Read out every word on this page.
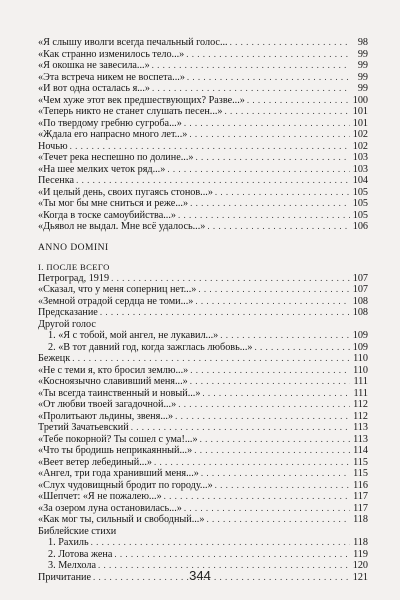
«Я слышу иволги всегда печальный голос... . . .	98
«Как странно изменилось тело...» . . .	99
«Я окошка не завесила...» . . .	99
«Эта встреча никем не воспета...» . . .	99
«И вот одна осталась я...» . . .	99
«Чем хуже этот век предшествующих? Разве...» . . .	100
«Теперь никто не станет слушать песен...» . . .	101
«По твердому гребню сугроба...» . . .	101
«Ждала его напрасно много лет...» . . .	102
Ночью . . .	102
«Течет река неспешно по долине...» . . .	103
«На шее мелких четок ряд...» . . .	103
Песенка . . .	104
«И целый день, своих пугаясь стонов...» . . .	105
«Ты мог бы мне сниться и реже...» . . .	105
«Когда в тоске самоубийства...» . . .	105
«Дьявол не выдал. Мне всё удалось...» . . .	106
ANNO DOMINI
I. ПОСЛЕ ВСЕГО
Петроград, 1919 . . .	107
«Сказал, что у меня соперниц нет...» . . .	107
«Земной отрадой сердца не томи...» . . .	108
Предсказание . . .	108
Другой голос
1. «Я с тобой, мой ангел, не лукавил...» . . .	109
2. «В тот давний год, когда зажглась любовь...» . . .	109
Бежецк . . .	110
«Не с теми я, кто бросил землю...» . . .	110
«Косноязычно славивший меня...» . . .	111
«Ты всегда таинственный и новый...» . . .	111
«От любви твоей загадочной...» . . .	112
«Пролитьают льдины, звеня...» . . .	112
Третий Зачатьевский . . .	113
«Тебе покорной? Ты сошел с ума!...» . . .	113
«Что ты бродишь неприкаянный...» . . .	114
«Веет ветер лебединый...» . . .	115
«Ангел, три года хранивший меня...» . . .	115
«Слух чудовищный бродит по городу...» . . .	116
«Шепчет: «Я не пожалею...» . . .	117
«За озером луна остановилась...» . . .	117
«Как мог ты, сильный и свободный...» . . .	118
Библейские стихи
1. Рахиль . . .	118
2. Лотова жена . . .	119
3. Мелхола . . .	120
Причитание . . .	121
344
